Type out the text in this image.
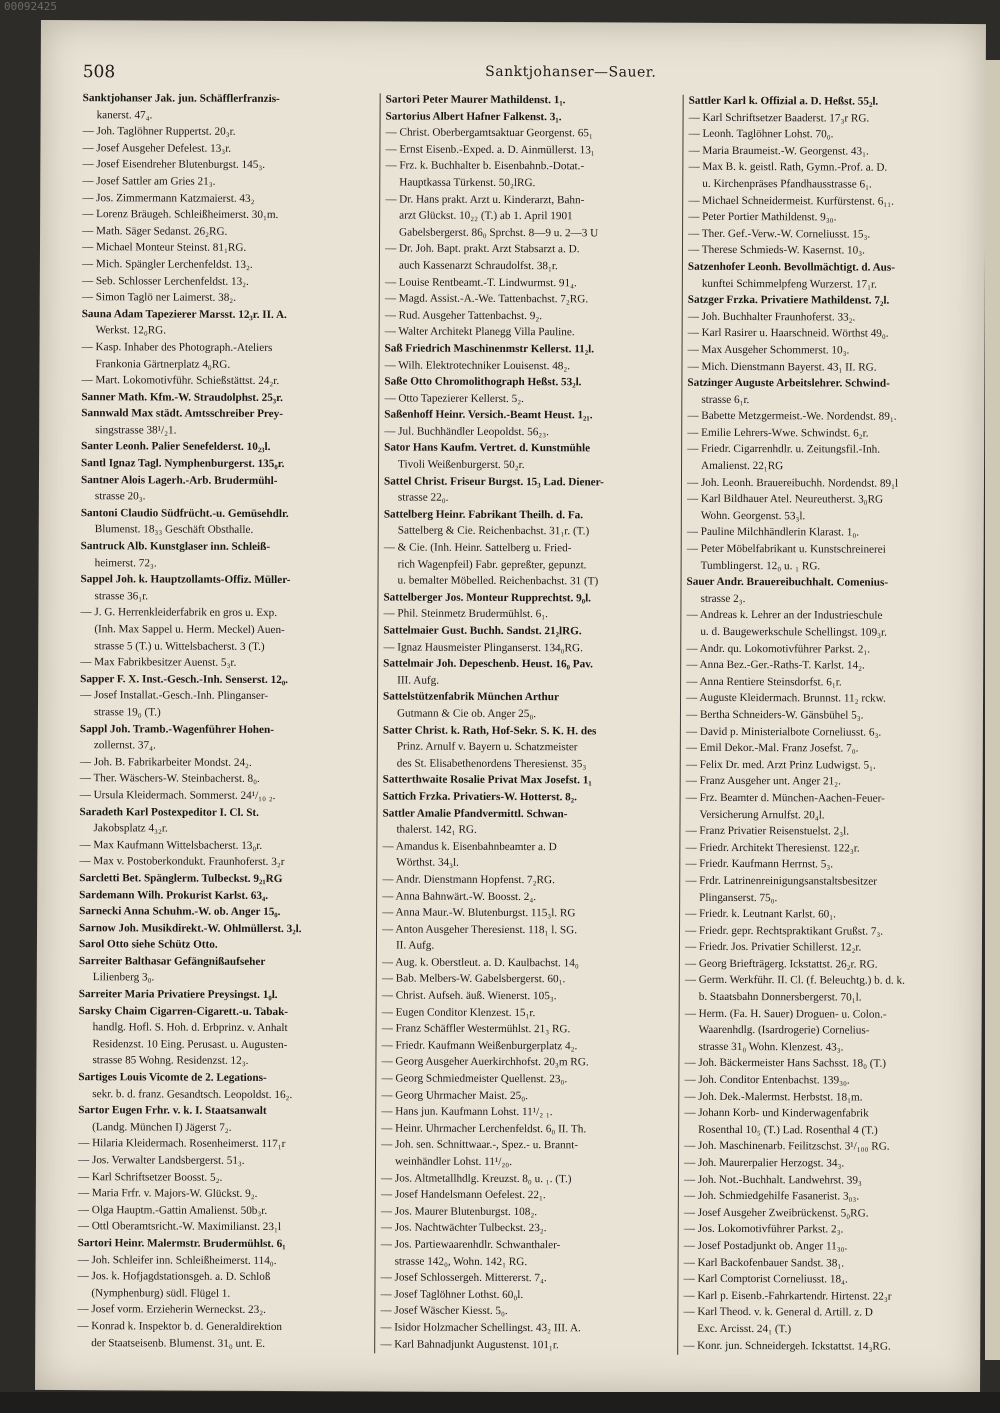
00092425
508	Sanktjohanser—Sauer.
Sanktjohanser Jak. jun. Schäfflerfranzis-
kanerst. 47₄.
— Joh. Taglöhner Ruppertst. 20₃r.
— Josef Ausgeher Defelest. 13₃r.
— Josef Eisendreher Blutenburgst. 145₃.
— Josef Sattler am Gries 21₃.
— Jos. Zimmermann Katzmaierst. 43₂
— Lorenz Bräugeh. Schleißheimerst. 30₁m.
— Math. Säger Sedanst. 26₂RG.
— Michael Monteur Steinst. 81₁RG.
— Mich. Spängler Lerchenfeldst. 13₂.
— Seb. Schlosser Lerchenfeldst. 13₂.
— Simon Taglö ner Laimerst. 38₂.
Sauna Adam Tapezierer Marsst. 12₃r. II. A.
Werkst. 12₀RG.
— Kasp. Inhaber des Photograph.-Ateliers
Frankonia Gärtnerplatz 4₀RG.
— Mart. Lokomotivführ. Schießstättst. 24₂r.
Sanner Math. Kfm.-W. Straudolphst. 25₃r.
Sannwald Max städt. Amtsschreiber Prey-
singstrasse 38¹/₂1.
Santer Leonh. Palier Senefelderst. 10₂₃l.
Santl Ignaz Tagl. Nymphenburgerst. 135₀r.
Santner Alois Lagerh.-Arb. Brudermühl-
strasse 20₃.
Santoni Claudio Südfrücht.-u. Gemüsehdlr.
Blumenst. 18₃₃ Geschäft Obsthalle.
Santruck Alb. Kunstglaser inn. Schleiß-
heimerst. 72₃.
Sappel Joh. k. Hauptzollamts-Offiz. Müller-
strasse 36₁r.
— J. G. Herrenkleiderfabrik en gros u. Exp.
(Inh. Max Sappel u. Herm. Meckel) Auen-
strasse 5 (T.) u. Wittelsbacherst. 3 (T.)
— Max Fabrikbesitzer Auenst. 5₃r.
Sapper F. X. Inst.-Gesch.-Inh. Senserst. 12₀.
— Josef Installat.-Gesch.-Inh. Plinganser-
strasse 19₀ (T.)
Sappl Joh. Tramb.-Wagenführer Hohen-
zollernst. 37₄.
— Joh. B. Fabrikarbeiter Mondst. 24₂.
— Ther. Wäschers-W. Steinbacherst. 8₀.
— Ursula Kleidermach. Sommerst. 24¹/₁₀ ₂.
Saradeth Karl Postexpeditor I. Cl. St.
Jakobsplatz 4₃₂r.
— Max Kaufmann Wittelsbacherst. 13₀r.
— Max v. Postoberkondukt. Fraunhoferst. 3₂r
Sarcletti Bet. Spänglerm. Tulbeckst. 9₂₁RG
Sardemann Wilh. Prokurist Karlst. 63₄.
Sarnecki Anna Schuhm.-W. ob. Anger 15₀.
Sarnow Joh. Musikdirekt.-W. Ohlmüllerst. 3₂l.
Sarol Otto siehe Schütz Otto.
Sarreiter Balthasar Gefängnißaufseher
Lilienberg 3₀.
Sarreiter Maria Privatiere Preysingst. 1₀l.
Sarsky Chaim Cigarren-Cigarett.-u. Tabak-
handlg. Hofl. S. Hoh. d. Erbprinz. v. Anhalt
Residenzst. 10 Eing. Perusast. u. Augusten-
strasse 85 Wohng. Residenzst. 12₃.
Sartiges Louis Vicomte de 2. Legations-
sekr. b. d. franz. Gesandtsch. Leopoldst. 16₂.
Sartor Eugen Frhr. v. k. I. Staatsanwalt
(Landg. München I) Jägerst 7₂.
— Hilaria Kleidermach. Rosenheimerst. 117₁r
— Jos. Verwalter Landsbergerst. 51₃.
— Karl Schriftsetzer Boosst. 5₂.
— Maria Frfr. v. Majors-W. Glückst. 9₂.
— Olga Hauptm.-Gattin Amalienst. 50b₃r.
— Ottl Oberamtsricht.-W. Maximilianst. 23₁l
Sartori Heinr. Malermstr. Brudermühlst. 6₁
— Joh. Schleifer inn. Schleißheimerst. 114₀.
— Jos. k. Hofjagdstationsgeh. a. D. Schloß
(Nymphenburg) südl. Flügel 1.
— Josef vorm. Erzieherin Werneckst. 23₂.
— Konrad k. Inspektor b. d. Generaldirektion
der Staatseisenb. Blumenst. 31₀ unt. E.
Sartori Peter Maurer Mathildenst. 1₁.
Sartorius Albert Hafner Falkenst. 3₁.
— Christ. Oberbergamtsaktuar Georgenst. 65₁
— Ernst Eisenb.-Exped. a. D. Ainmüllerst. 13₁
— Frz. k. Buchhalter b. Eisenbahnb.-Dotat.-
Hauptkassa Türkenst. 50₂lRG.
— Dr. Hans prakt. Arzt u. Kinderarzt, Bahn-
arzt Glückst. 10₂₂ (T.) ab 1. April 1901
Gabelsbergerst. 86₀ Sprchst. 8—9 u. 2—3 U
— Dr. Joh. Bapt. prakt. Arzt Stabsarzt a. D.
auch Kassenarzt Schraudolfst. 38₁r.
— Louise Rentbeamt.-T. Lindwurmst. 91₄.
— Magd. Assist.-A.-We. Tattenbachst. 7₂RG.
— Rud. Ausgeher Tattenbachst. 9₂.
— Walter Architekt Planegg Villa Pauline.
Saß Friedrich Maschinenmstr Kellerst. 11₂l.
— Wilh. Elektrotechniker Louisenst. 48₂.
Saße Otto Chromolithograph Heßst. 53₂l.
— Otto Tapezierer Kellerst. 5₂.
Saßenhoff Heinr. Versich.-Beamt Heust. 1₂₁.
— Jul. Buchhändler Leopoldst. 56₂₃.
Sator Hans Kaufm. Vertret. d. Kunstmühle
Tivoli Weißenburgerst. 50₂r.
Sattel Christ. Friseur Burgst. 15₃ Lad. Diener-
strasse 22₀.
Sattelberg Heinr. Fabrikant Theilh. d. Fa.
Sattelberg & Cie. Reichenbachst. 31₁r. (T.)
— & Cie. (Inh. Heinr. Sattelberg u. Fried-
rich Wagenpfeil) Fabr. gepreßter, gepunzt.
u. bemalter Möbelled. Reichenbachst. 31 (T)
Sattelberger Jos. Monteur Rupprechtst. 9₀l.
— Phil. Steinmetz Brudermühlst. 6₁.
Sattelmaier Gust. Buchh. Sandst. 21₂lRG.
— Ignaz Hausmeister Plinganserst. 134₀RG.
Sattelmair Joh. Depeschenb. Heust. 16₀ Pav.
III. Aufg.
Sattelstützenfabrik München Arthur
Gutmann & Cie ob. Anger 25₀.
Satter Christ. k. Rath, Hof-Sekr. S. K. H. des
Prinz. Arnulf v. Bayern u. Schatzmeister
des St. Elisabethenordens Theresienst. 35₃
Satterthwaite Rosalie Privat Max Josefst. 1₁
Sattich Frzka. Privatiers-W. Hotterst. 8₂.
Sattler Amalie Pfandvermittl. Schwan-
thalerst. 142₁ RG.
— Amandus k. Eisenbahnbeamter a. D
Wörthst. 34₃l.
— Andr. Dienstmann Hopfenst. 7₂RG.
— Anna Bahnwärt.-W. Boosst. 2₄.
— Anna Maur.-W. Blutenburgst. 115₃l. RG
— Anton Ausgeher Theresienst. 118₁ l. SG.
II. Aufg.
— Aug. k. Oberstleut. a. D. Kaulbachst. 14₀
— Bab. Melbers-W. Gabelsbergerst. 60₁.
— Christ. Aufseh. äuß. Wienerst. 105₃.
— Eugen Conditor Klenzest. 15₁r.
— Franz Schäffler Westermühlst. 21₃ RG.
— Friedr. Kaufmann Weißenburgerplatz 4₂.
— Georg Ausgeher Auerkirchhofst. 20₃m RG.
— Georg Schmiedmeister Quellenst. 23₀.
— Georg Uhrmacher Maist. 25₀.
— Hans jun. Kaufmann Lohst. 11¹/₂ ₁.
— Heinr. Uhrmacher Lerchenfeldst. 6₀ II. Th.
— Joh. sen. Schnittwaar.-, Spez.- u. Brannt-
weinhändler Lohst. 11¹/₂₀.
— Jos. Altmetallhdlg. Kreuzst. 8₀ u. ₁. (T.)
— Josef Handelsmann Oefelest. 22₁.
— Jos. Maurer Blutenburgst. 108₂.
— Jos. Nachtwächter Tulbeckst. 23₂.
— Jos. Partiewaarenhdlr. Schwanthaler-
strasse 142₀, Wohn. 142₁ RG.
— Josef Schlossergeh. Mittererst. 7₄.
— Josef Taglöhner Lothst. 60₀l.
— Josef Wäscher Kiesst. 5₀.
— Isidor Holzmacher Schellingst. 43₂ III. A.
— Karl Bahnadjunkt Augustenst. 101₁r.
Sattler Karl k. Offizial a. D. Heßst. 55₂l.
— Karl Schriftsetzer Baaderst. 17₃r RG.
— Leonh. Taglöhner Lohst. 70₀.
— Maria Braumeist.-W. Georgenst. 43₁.
— Max B. k. geistl. Rath, Gymn.-Prof. a. D.
u. Kirchenpräses Pfandhausstrasse 6₁.
— Michael Schneidermeist. Kurfürstenst. 6₁₁.
— Peter Portier Mathildenst. 9₃₀.
— Ther. Gef.-Verw.-W. Corneliusst. 15₃.
— Therese Schmieds-W. Kasernst. 10₃.
Satzenhofer Leonh. Bevollmächtigt. d. Aus-
kunftei Schimmelpfeng Wurzerst. 17₁r.
Satzger Frzka. Privatiere Mathildenst. 7₂l.
— Joh. Buchhalter Fraunhoferst. 33₂.
— Karl Rasirer u. Haarschneid. Wörthst 49₀.
— Max Ausgeher Schommerst. 10₃.
— Mich. Dienstmann Bayerst. 43₁ II. RG.
Satzinger Auguste Arbeitslehrer. Schwind-
strasse 6₁r.
— Babette Metzgermeist.-We. Nordendst. 89₁.
— Emilie Lehrers-Wwe. Schwindst. 6₂r.
— Friedr. Cigarrenhdlr. u. Zeitungsfil.-Inh.
Amalienst. 22₁RG
— Joh. Leonh. Brauereibuchh. Nordendst. 89₁l
— Karl Bildhauer Atel. Neureutherst. 3₀RG
Wohn. Georgenst. 53₃l.
— Pauline Milchhändlerin Klarast. 1₀.
— Peter Möbelfabrikant u. Kunstschreinerei
Tumblingerst. 12₀ u. ₁ RG.
Sauer Andr. Brauereibuchhalt. Comenius-
strasse 2₃.
— Andreas k. Lehrer an der Industrieschule
u. d. Baugewerkschule Schellingst. 109₃r.
— Andr. qu. Lokomotivführer Parkst. 2₁.
— Anna Bez.-Ger.-Raths-T. Karlst. 14₂.
— Anna Rentiere Steinsdorfst. 6₁r.
— Auguste Kleidermach. Brunnst. 11₂ rckw.
— Bertha Schneiders-W. Gänsbühel 5₃.
— David p. Ministerialbote Corneliusst. 6₃.
— Emil Dekor.-Mal. Franz Josefst. 7₀.
— Felix Dr. med. Arzt Prinz Ludwigst. 5₁.
— Franz Ausgeher unt. Anger 21₂.
— Frz. Beamter d. München-Aachen-Feuer-
Versicherung Arnulfst. 20₄l.
— Franz Privatier Reisenstuelst. 2₃l.
— Friedr. Architekt Theresienst. 122₃r.
— Friedr. Kaufmann Herrnst. 5₃.
— Frdr. Latrinenreinigungsanstaltsbesitzer
Plinganserst. 75₀.
— Friedr. k. Leutnant Karlst. 60₁.
— Friedr. gepr. Rechtspraktikant Grußst. 7₃.
— Friedr. Jos. Privatier Schillerst. 12₂r.
— Georg Briefträgerg. Ickstattst. 26₂r. RG.
— Germ. Werkführ. II. Cl. (f. Beleuchtg.) b. d. k.
b. Staatsbahn Donnersbergerst. 70₁l.
— Herm. (Fa. H. Sauer) Droguen- u. Colon.-
Waarenhdlg. (Isardrogerie) Cornelius-
strasse 31₀ Wohn. Klenzest. 43₃.
— Joh. Bäckermeister Hans Sachsst. 18₀ (T.)
— Joh. Conditor Entenbachst. 139₃₀.
— Joh. Dek.-Malermst. Herbstst. 18₁m.
— Johann Korb- und Kinderwagenfabrik
Rosenthal 10₅ (T.) Lad. Rosenthal 4 (T.)
— Joh. Maschinenarb. Feilitzschst. 3¹/₁₀₀ RG.
— Joh. Maurerpalier Herzogst. 34₃.
— Joh. Not.-Buchhalt. Landwehrst. 39₃
— Joh. Schmiedgehilfe Fasanerist. 3₀₃.
— Josef Ausgeher Zweibrückenst. 5₀RG.
— Jos. Lokomotivführer Parkst. 2₃.
— Josef Postadjunkt ob. Anger 11₃₀.
— Karl Backofenbauer Sandst. 38₁.
— Karl Comptorist Corneliusst. 18₄.
— Karl p. Eisenb.-Fahrkartendr. Hirtenst. 22₃r
— Karl Theod. v. k. General d. Artill. z. D
Exc. Arcisst. 24₁ (T.)
— Konr. jun. Schneidergeh. Ickstattst. 14₃RG.
